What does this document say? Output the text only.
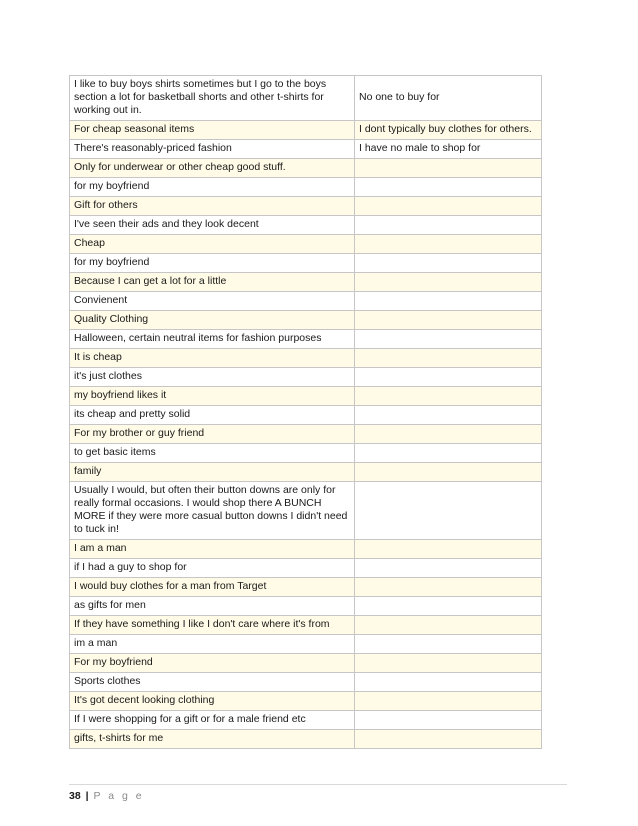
I like to buy boys shirts sometimes but I go to the boys section a lot for basketball shorts and other t-shirts for working out in.	No one to buy for
For cheap seasonal items	I dont typically buy clothes for others.
There's reasonably-priced fashion	I have no male to shop for
Only for underwear or other cheap good stuff.	
for my boyfriend	
Gift for others	
I've seen their ads and they look decent	
Cheap	
for my boyfriend	
Because I can get a lot for a little	
Convienent	
Quality Clothing	
Halloween, certain neutral items for fashion purposes	
It is cheap	
it's just clothes	
my boyfriend likes it	
its cheap and pretty solid	
For my brother or guy friend	
to get basic items	
family	
Usually I would, but often their button downs are only for really formal occasions. I would shop there A BUNCH MORE if they were more casual button downs I didn't need to tuck in!	
I am a man	
if I had a guy to shop for	
I would buy clothes for a man from Target	
as gifts for men	
If they have something I like I don't care where it's from	
im a man	
For my boyfriend	
Sports clothes	
It's got decent looking clothing	
If I were shopping for a gift or for a male friend etc	
gifts, t-shirts for me	
38 | P a g e
